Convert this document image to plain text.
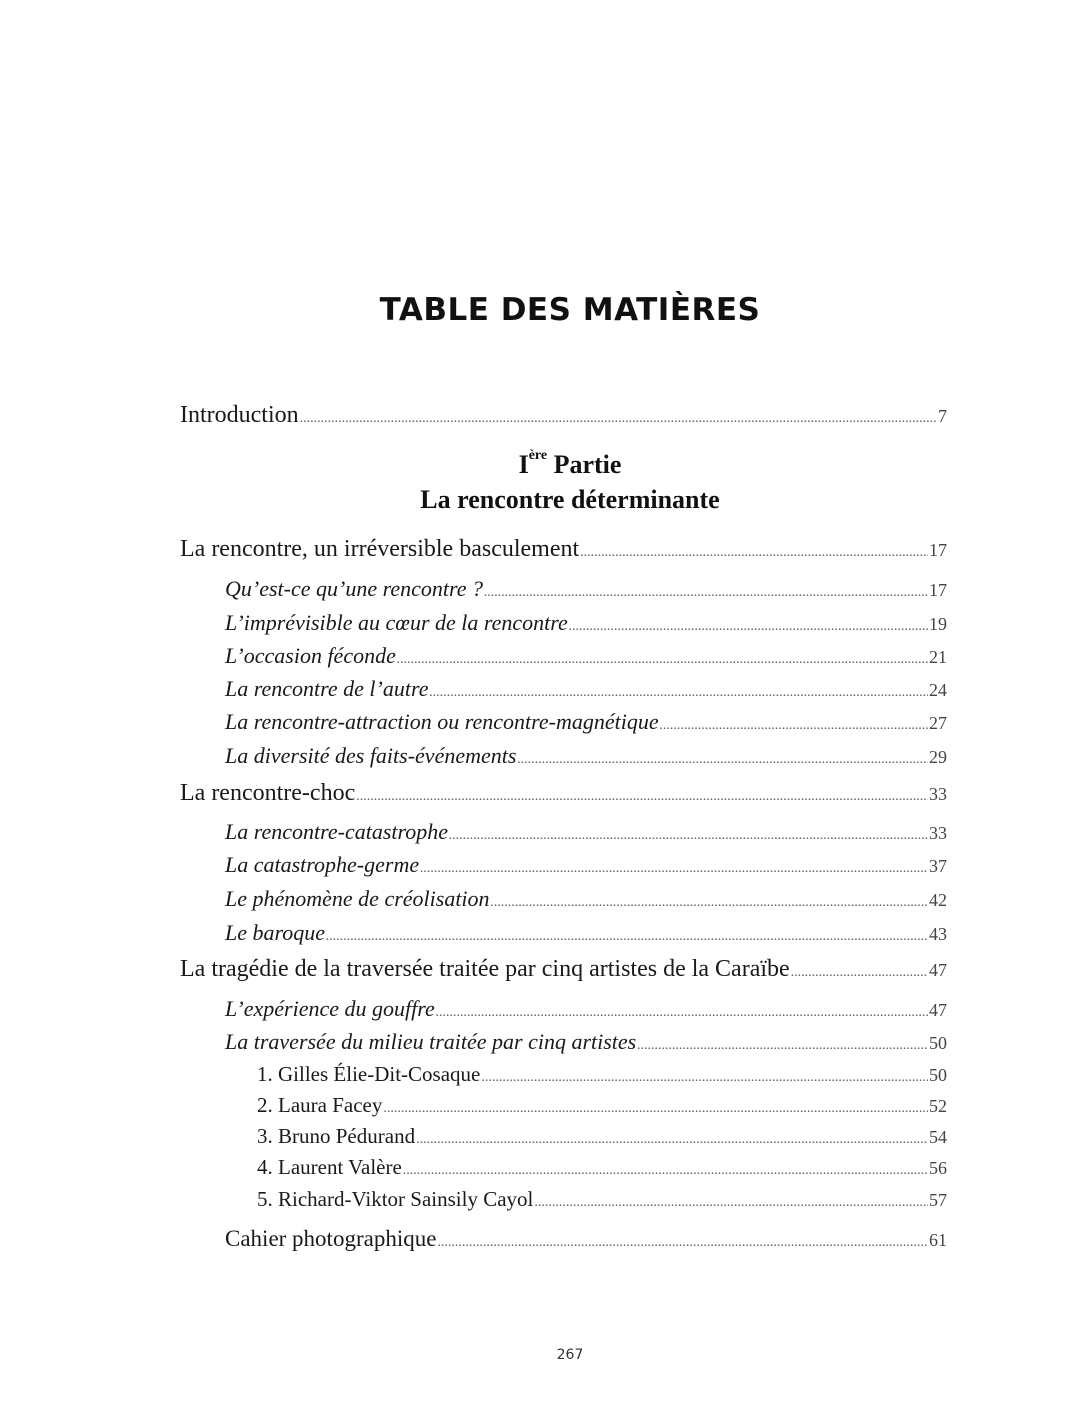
TABLE DES MATIÈRES
Introduction .....	7
Ière Partie
La rencontre déterminante
La rencontre, un irréversible basculement .....	17
Qu’est-ce qu’une rencontre ? .....	17
L’imprévisible au cœur de la rencontre .....	19
L’occasion féconde .....	21
La rencontre de l’autre .....	24
La rencontre-attraction ou rencontre-magnétique .....	27
La diversité des faits-événements .....	29
La rencontre-choc .....	33
La rencontre-catastrophe .....	33
La catastrophe-germe .....	37
Le phénomène de créolisation .....	42
Le baroque .....	43
La tragédie de la traversée traitée par cinq artistes de la Caraïbe .....	47
L’expérience du gouffre .....	47
La traversée du milieu traitée par cinq artistes .....	50
1. Gilles Élie-Dit-Cosaque .....	50
2. Laura Facey .....	52
3. Bruno Pédurand .....	54
4. Laurent Valère .....	56
5. Richard-Viktor Sainsily Cayol .....	57
Cahier photographique .....	61
267
